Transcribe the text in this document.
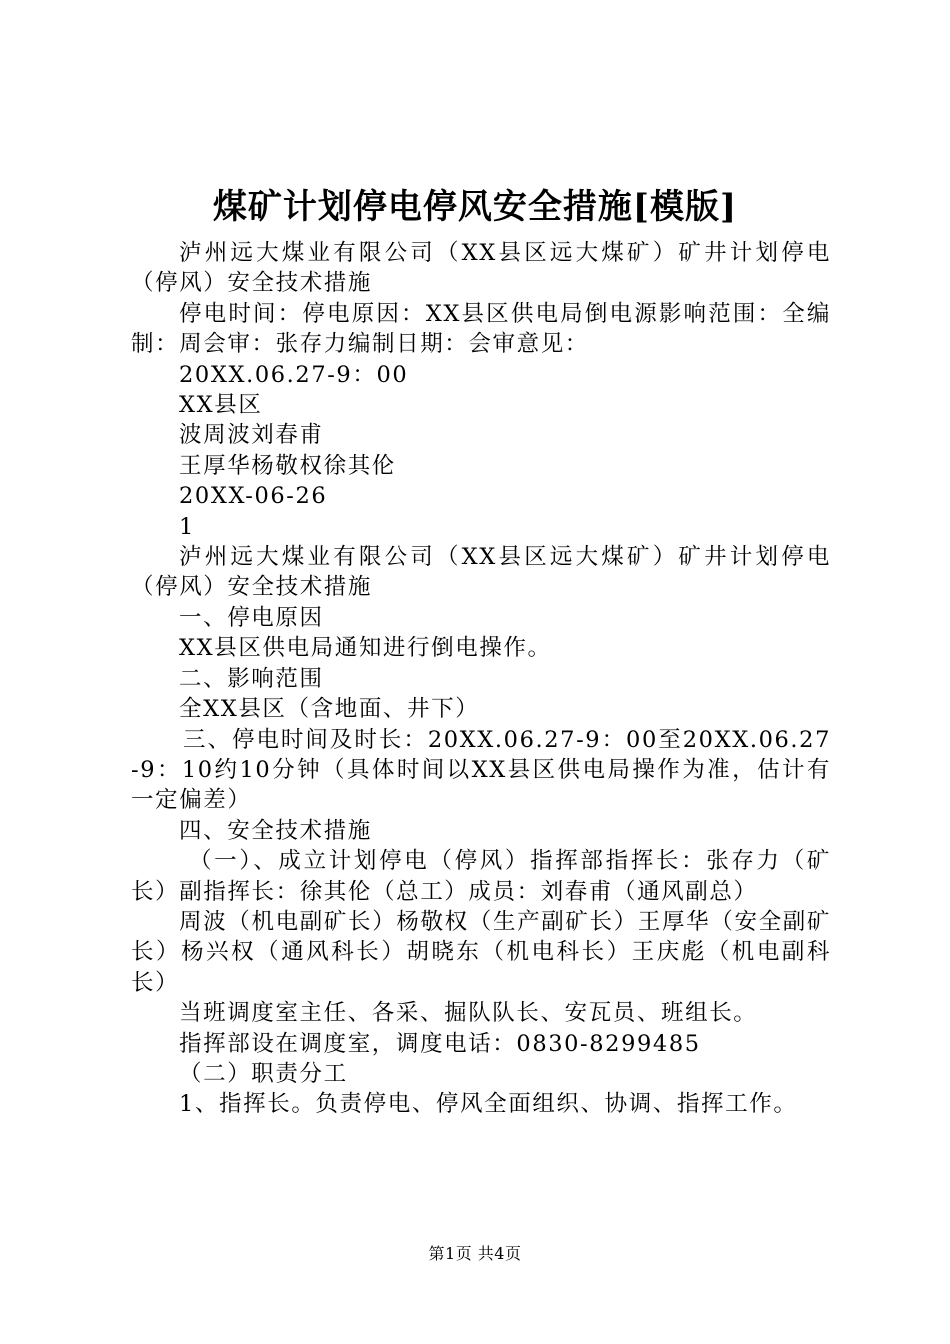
煤矿计划停电停风安全措施[模版]

泸州远大煤业有限公司（XX县区远大煤矿）矿井计划停电（停风）安全技术措施

停电时间：停电原因：XX县区供电局倒电源影响范围：全编制：周会审：张存力编制日期：会审意见：

20XX.06.27-9：00

XX县区

波周波刘春甫

王厚华杨敬权徐其伦

20XX-06-26

1

泸州远大煤业有限公司（XX县区远大煤矿）矿井计划停电（停风）安全技术措施

一、停电原因

XX县区供电局通知进行倒电操作。

二、影响范围

全XX县区（含地面、井下）

三、停电时间及时长：20XX.06.27-9：00至20XX.06.27-9：10约10分钟（具体时间以XX县区供电局操作为准，估计有一定偏差）

四、安全技术措施

（一）、成立计划停电（停风）指挥部指挥长：张存力（矿长）副指挥长：徐其伦（总工）成员：刘春甫（通风副总）

周波（机电副矿长）杨敬权（生产副矿长）王厚华（安全副矿长）杨兴权（通风科长）胡晓东（机电科长）王庆彪（机电副科长）

当班调度室主任、各采、掘队队长、安瓦员、班组长。

指挥部设在调度室，调度电话：0830-8299485

（二）职责分工

1、指挥长。负责停电、停风全面组织、协调、指挥工作。

第1页 共4页
